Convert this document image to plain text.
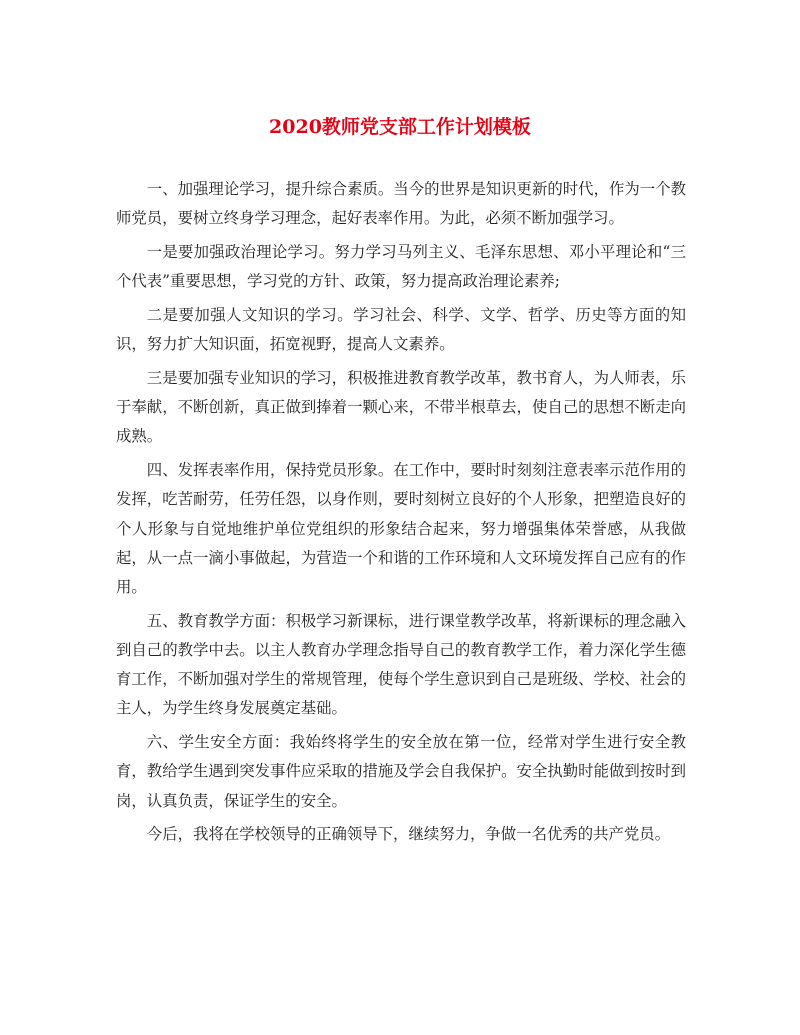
2020教师党支部工作计划模板

一、加强理论学习，提升综合素质。当今的世界是知识更新的时代，作为一个教师党员，要树立终身学习理念，起好表率作用。为此，必须不断加强学习。

一是要加强政治理论学习。努力学习马列主义、毛泽东思想、邓小平理论和“三个代表”重要思想，学习党的方针、政策，努力提高政治理论素养;

二是要加强人文知识的学习。学习社会、科学、文学、哲学、历史等方面的知识，努力扩大知识面，拓宽视野，提高人文素养。

三是要加强专业知识的学习，积极推进教育教学改革，教书育人，为人师表，乐于奉献，不断创新，真正做到捧着一颗心来，不带半根草去，使自己的思想不断走向成熟。

四、发挥表率作用，保持党员形象。在工作中，要时时刻刻注意表率示范作用的发挥，吃苦耐劳，任劳任怨，以身作则，要时刻树立良好的个人形象，把塑造良好的个人形象与自觉地维护单位党组织的形象结合起来，努力增强集体荣誉感，从我做起，从一点一滴小事做起，为营造一个和谐的工作环境和人文环境发挥自己应有的作用。

五、教育教学方面：积极学习新课标，进行课堂教学改革，将新课标的理念融入到自己的教学中去。以主人教育办学理念指导自己的教育教学工作，着力深化学生德育工作，不断加强对学生的常规管理，使每个学生意识到自己是班级、学校、社会的主人，为学生终身发展奠定基础。

六、学生安全方面：我始终将学生的安全放在第一位，经常对学生进行安全教育，教给学生遇到突发事件应采取的措施及学会自我保护。安全执勤时能做到按时到岗，认真负责，保证学生的安全。

今后，我将在学校领导的正确领导下，继续努力，争做一名优秀的共产党员。
